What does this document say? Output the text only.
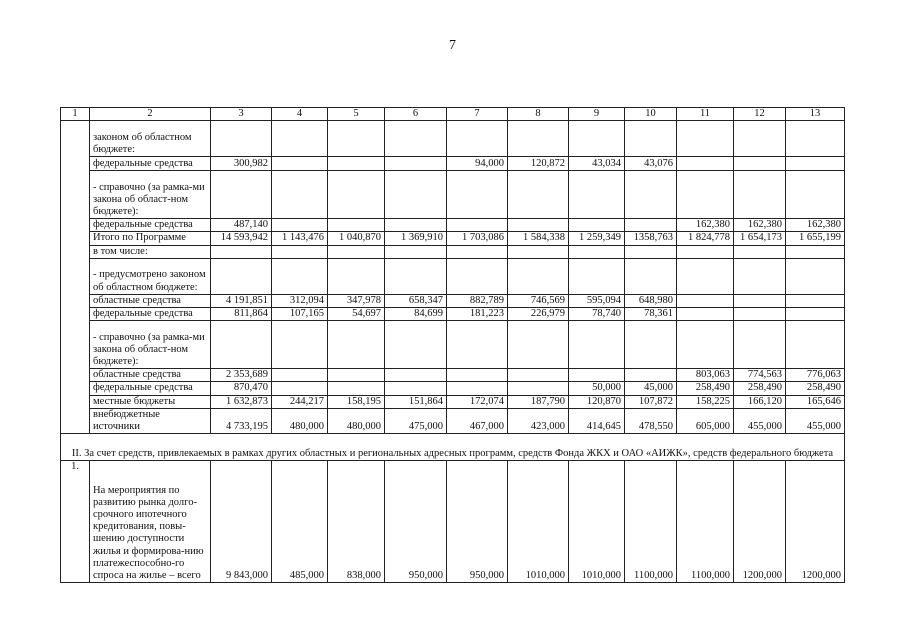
7
1	2	3	4	5	6	7	8	9	10	11	12	13
	законом об областном бюджете:											
	федеральные средства	300,982				94,000	120,872	43,034	43,076			
	- справочно (за рамка-ми закона об област-ном бюджете):											
	федеральные средства	487,140								162,380	162,380	162,380
	Итого по Программе	14 593,942	1 143,476	1 040,870	1 369,910	1 703,086	1 584,338	1 259,349	1358,763	1 824,778	1 654,173	1 655,199
	в том числе:											
	- предусмотрено законом об областном бюджете:											
	областные средства	4 191,851	312,094	347,978	658,347	882,789	746,569	595,094	648,980			
	федеральные средства	811,864	107,165	54,697	84,699	181,223	226,979	78,740	78,361			
	- справочно (за рамка-ми закона об област-ном бюджете):											
	областные средства	2 353,689								803,063	774,563	776,063
	федеральные средства	870,470						50,000	45,000	258,490	258,490	258,490
	местные бюджеты	1 632,873	244,217	158,195	151,864	172,074	187,790	120,870	107,872	158,225	166,120	165,646
	внебюджетные источники	4 733,195	480,000	480,000	475,000	467,000	423,000	414,645	478,550	605,000	455,000	455,000
II. За счет средств, привлекаемых в рамках других областных и региональных адресных программ, средств Фонда ЖКХ и ОАО «АИЖК», средств федерального бюджета												
1.	На мероприятия по развитию рынка долго-срочного ипотечного кредитования, повы-шению доступности жилья и формирова-нию платежеспособно-го спроса на жилье – всего	9 843,000	485,000	838,000	950,000	950,000	1010,000	1010,000	1100,000	1100,000	1200,000	1200,000
